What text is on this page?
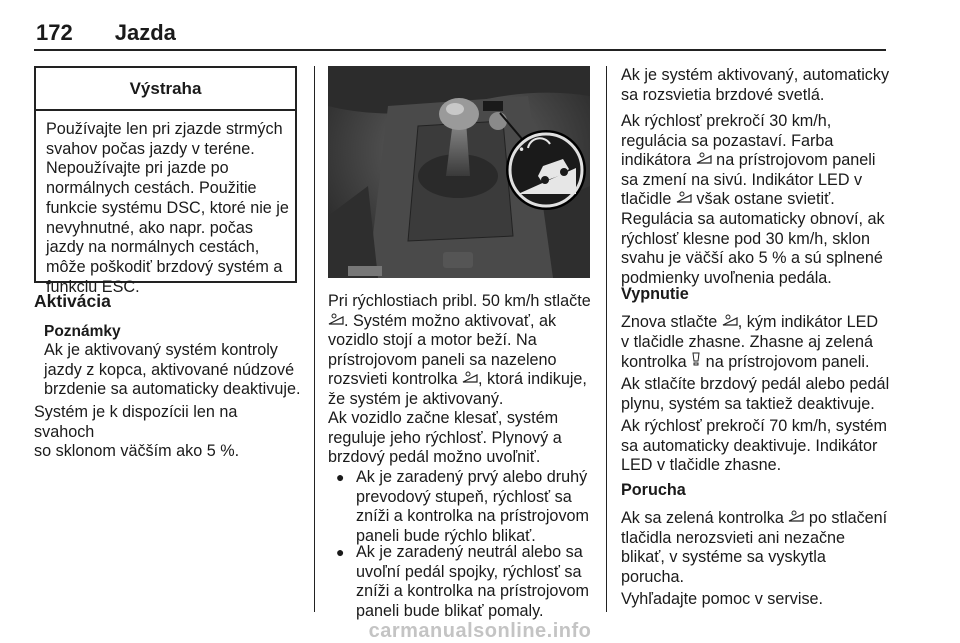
172 Jazda
Výstraha
Používajte len pri zjazde strmých
svahov počas jazdy v teréne.
Nepoužívajte pri jazde po
normálnych cestách. Použitie
funkcie systému DSC, ktoré nie je
nevyhnutné, ako napr. počas
jazdy na normálnych cestách,
môže poškodiť brzdový systém a
funkciu ESC.
Aktivácia
Poznámky
Ak je aktivovaný systém kontroly
jazdy z kopca, aktivované núdzové
brzdenie sa automaticky deaktivuje.
Systém je k dispozícii len na svahoch
so sklonom väčším ako 5 %.
•
Pri rýchlostiach pribl. 50 km/h stlačte
. Systém možno aktivovať, ak
vozidlo stojí a motor beží. Na
prístrojovom paneli sa nazeleno
rozsvieti kontrolka , ktorá indikuje,
že systém je aktivovaný.
Ak vozidlo začne klesať, systém
reguluje jeho rýchlosť. Plynový a
brzdový pedál možno uvoľniť.
● Ak je zaradený prvý alebo druhý
prevodový stupeň, rýchlosť sa
zníži a kontrolka na prístrojovom
paneli bude rýchlo blikať.
● Ak je zaradený neutrál alebo sa
uvoľní pedál spojky, rýchlosť sa
zníži a kontrolka na prístrojovom
paneli bude blikať pomaly.
Ak je systém aktivovaný, automaticky
sa rozsvietia brzdové svetlá.
Ak rýchlosť prekročí 30 km/h,
regulácia sa pozastaví. Farba
indikátora  na prístrojovom paneli
sa zmení na sivú. Indikátor LED v
tlačidle  však ostane svietiť.
Regulácia sa automaticky obnoví, ak
rýchlosť klesne pod 30 km/h, sklon
svahu je väčší ako 5 % a sú splnené
podmienky uvoľnenia pedála.
Vypnutie
Znova stlačte , kým indikátor LED
v tlačidle zhasne. Zhasne aj zelená
kontrolka  na prístrojovom paneli.
Ak stlačíte brzdový pedál alebo pedál
plynu, systém sa taktiež deaktivuje.
Ak rýchlosť prekročí 70 km/h, systém
sa automaticky deaktivuje. Indikátor
LED v tlačidle zhasne.
Porucha
Ak sa zelená kontrolka  po stlačení
tlačidla nerozsvieti ani nezačne
blikať, v systéme sa vyskytla
porucha.
Vyhľadajte pomoc v servise.
carmanualsonline.info
